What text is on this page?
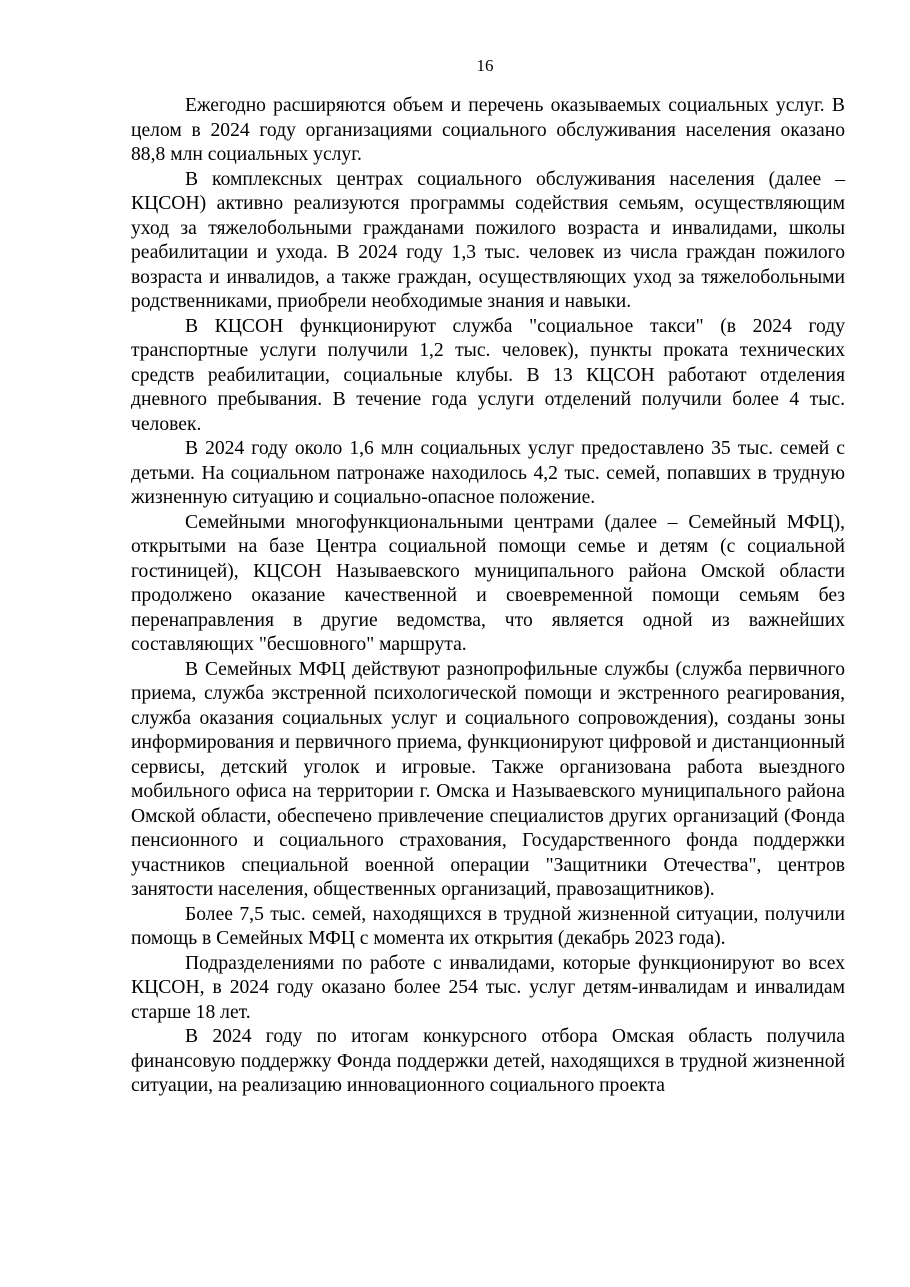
16

Ежегодно расширяются объем и перечень оказываемых социальных услуг. В целом в 2024 году организациями социального обслуживания населения оказано 88,8 млн социальных услуг.

В комплексных центрах социального обслуживания населения (далее – КЦСОН) активно реализуются программы содействия семьям, осуществляющим уход за тяжелобольными гражданами пожилого возраста и инвалидами, школы реабилитации и ухода. В 2024 году 1,3 тыс. человек из числа граждан пожилого возраста и инвалидов, а также граждан, осуществляющих уход за тяжелобольными родственниками, приобрели необходимые знания и навыки.

В КЦСОН функционируют служба "социальное такси" (в 2024 году транспортные услуги получили 1,2 тыс. человек), пункты проката технических средств реабилитации, социальные клубы. В 13 КЦСОН работают отделения дневного пребывания. В течение года услуги отделений получили более 4 тыс. человек.

В 2024 году около 1,6 млн социальных услуг предоставлено 35 тыс. семей с детьми. На социальном патронаже находилось 4,2 тыс. семей, попавших в трудную жизненную ситуацию и социально-опасное положение.

Семейными многофункциональными центрами (далее – Семейный МФЦ), открытыми на базе Центра социальной помощи семье и детям (с социальной гостиницей), КЦСОН Называевского муниципального района Омской области продолжено оказание качественной и своевременной помощи семьям без перенаправления в другие ведомства, что является одной из важнейших составляющих "бесшовного" маршрута.

В Семейных МФЦ действуют разнопрофильные службы (служба первичного приема, служба экстренной психологической помощи и экстренного реагирования, служба оказания социальных услуг и социального сопровождения), созданы зоны информирования и первичного приема, функционируют цифровой и дистанционный сервисы, детский уголок и игровые. Также организована работа выездного мобильного офиса на территории г. Омска и Называевского муниципального района Омской области, обеспечено привлечение специалистов других организаций (Фонда пенсионного и социального страхования, Государственного фонда поддержки участников специальной военной операции "Защитники Отечества", центров занятости населения, общественных организаций, правозащитников).

Более 7,5 тыс. семей, находящихся в трудной жизненной ситуации, получили помощь в Семейных МФЦ с момента их открытия (декабрь 2023 года).

Подразделениями по работе с инвалидами, которые функционируют во всех КЦСОН, в 2024 году оказано более 254 тыс. услуг детям-инвалидам и инвалидам старше 18 лет.

В 2024 году по итогам конкурсного отбора Омская область получила финансовую поддержку Фонда поддержки детей, находящихся в трудной жизненной ситуации, на реализацию инновационного социального проекта
